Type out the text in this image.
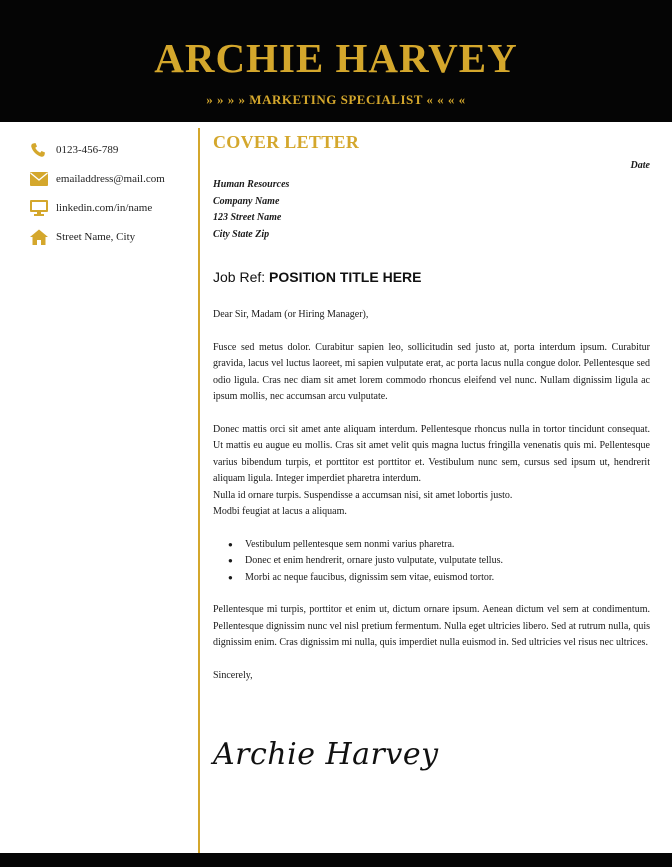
ARCHIE HARVEY
» » » » MARKETING SPECIALIST « « « «
0123-456-789
emailaddress@mail.com
linkedin.com/in/name
Street Name, City
COVER LETTER
Date
Human Resources
Company Name
123 Street Name
City State Zip
Job Ref: POSITION TITLE HERE

Dear Sir, Madam (or Hiring Manager),

Fusce sed metus dolor. Curabitur sapien leo, sollicitudin sed justo at, porta interdum ipsum. Curabitur gravida, lacus vel luctus laoreet, mi sapien vulputate erat, ac porta lacus nulla congue dolor. Pellentesque sed odio ligula. Cras nec diam sit amet lorem commodo rhoncus eleifend vel nunc. Nullam dignissim ligula ac ipsum mollis, nec accumsan arcu vulputate.

Donec mattis orci sit amet ante aliquam interdum. Pellentesque rhoncus nulla in tortor tincidunt consequat. Ut mattis eu augue eu mollis. Cras sit amet velit quis magna luctus fringilla venenatis quis mi. Pellentesque varius bibendum turpis, et porttitor est porttitor et. Vestibulum nunc sem, cursus sed ipsum ut, hendrerit aliquam ligula. Integer imperdiet pharetra interdum.

Nulla id ornare turpis. Suspendisse a accumsan nisi, sit amet lobortis justo.

Modbi feugiat at lacus a aliquam.

● Vestibulum pellentesque sem nonmi varius pharetra.
● Donec et enim hendrerit, ornare justo vulputate, vulputate tellus.
● Morbi ac neque faucibus, dignissim sem vitae, euismod tortor.

Pellentesque mi turpis, porttitor et enim ut, dictum ornare ipsum. Aenean dictum vel sem at condimentum. Pellentesque dignissim nunc vel nisl pretium fermentum. Nulla eget ultricies libero. Sed at rutrum nulla, quis dignissim enim. Cras dignissim mi nulla, quis imperdiet nulla euismod in. Sed ultricies vel risus nec ultrices.

Sincerely,

Archie Harvey
